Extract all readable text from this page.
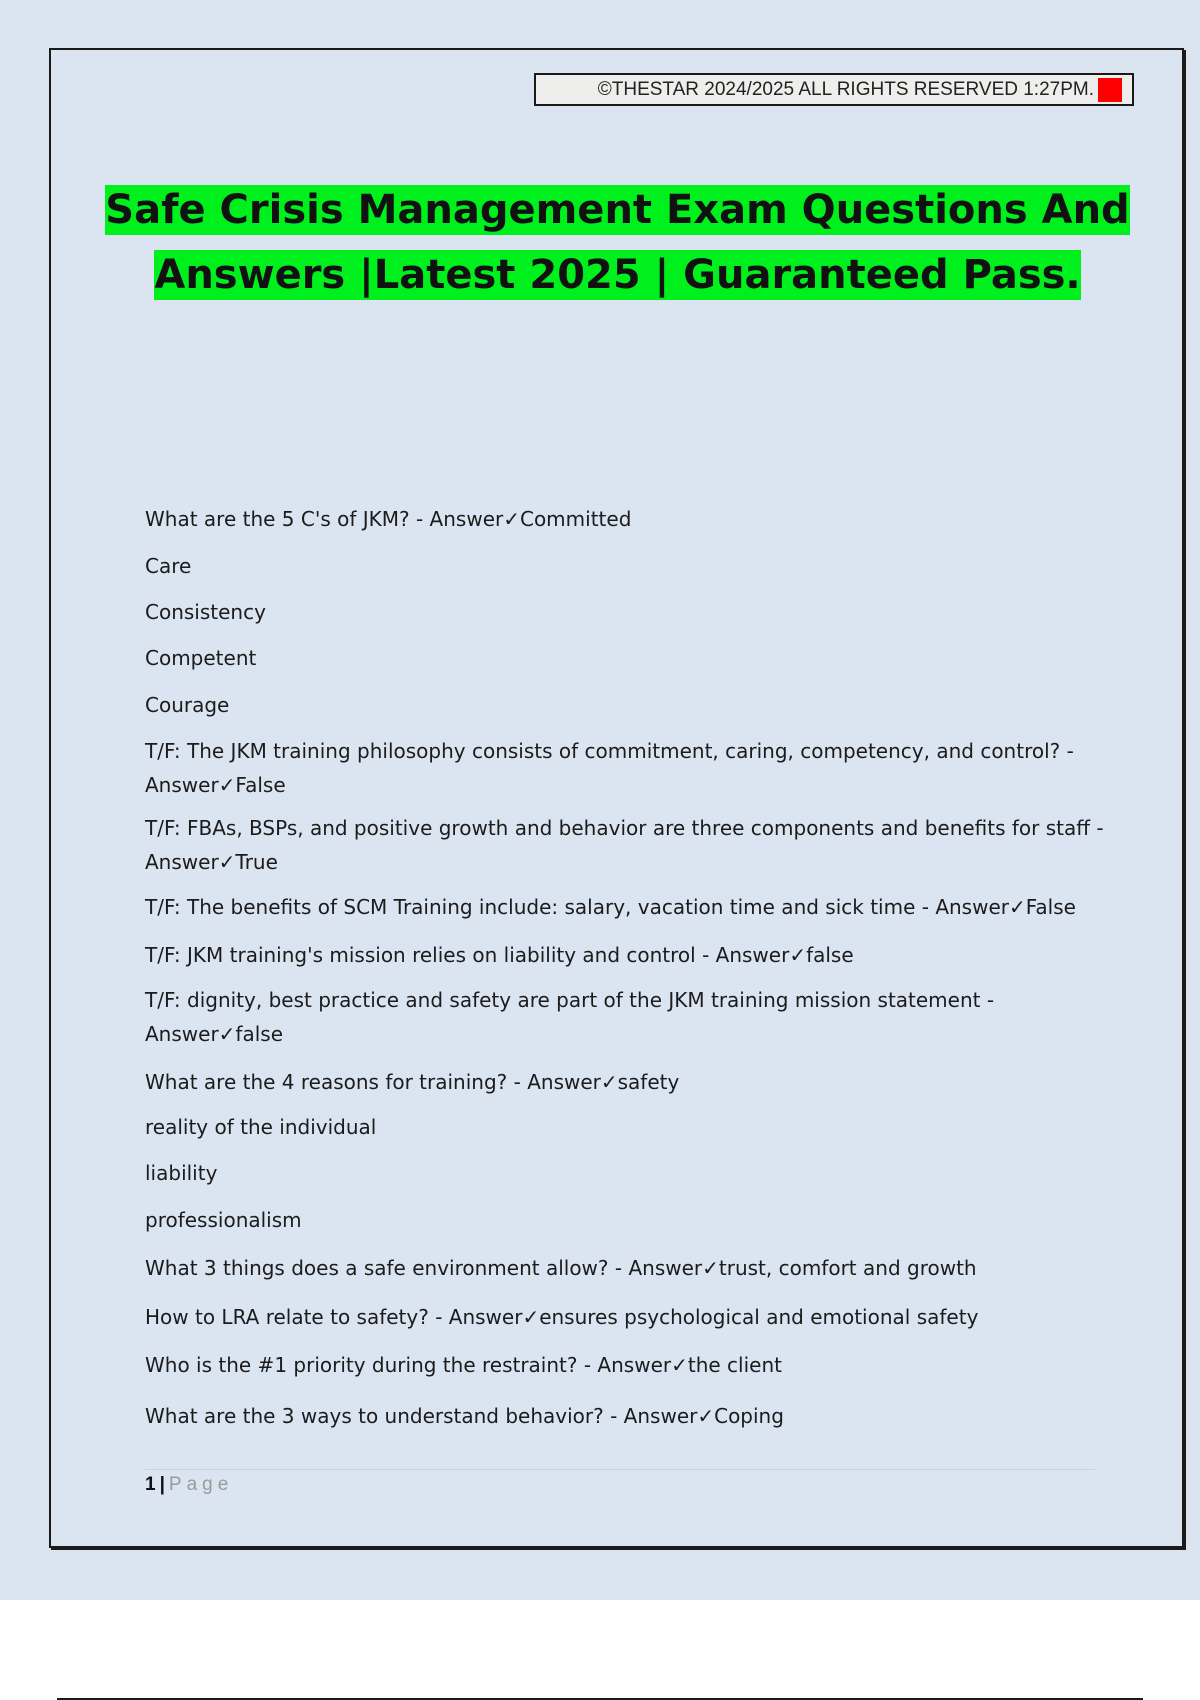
©THESTAR 2024/2025 ALL RIGHTS RESERVED 1:27PM. A+
Safe Crisis Management Exam Questions And
Answers |Latest 2025 | Guaranteed Pass.

What are the 5 C's of JKM? - Answer✓Committed

Care

Consistency

Competent

Courage

T/F: The JKM training philosophy consists of commitment, caring, competency, and control? - Answer✓False

T/F: FBAs, BSPs, and positive growth and behavior are three components and benefits for staff - Answer✓True

T/F: The benefits of SCM Training include: salary, vacation time and sick time - Answer✓False

T/F: JKM training's mission relies on liability and control - Answer✓false

T/F: dignity, best practice and safety are part of the JKM training mission statement - Answer✓false

What are the 4 reasons for training? - Answer✓safety

reality of the individual

liability

professionalism

What 3 things does a safe environment allow? - Answer✓trust, comfort and growth

How to LRA relate to safety? - Answer✓ensures psychological and emotional safety

Who is the #1 priority during the restraint? - Answer✓the client

What are the 3 ways to understand behavior? - Answer✓Coping

1 | Page
